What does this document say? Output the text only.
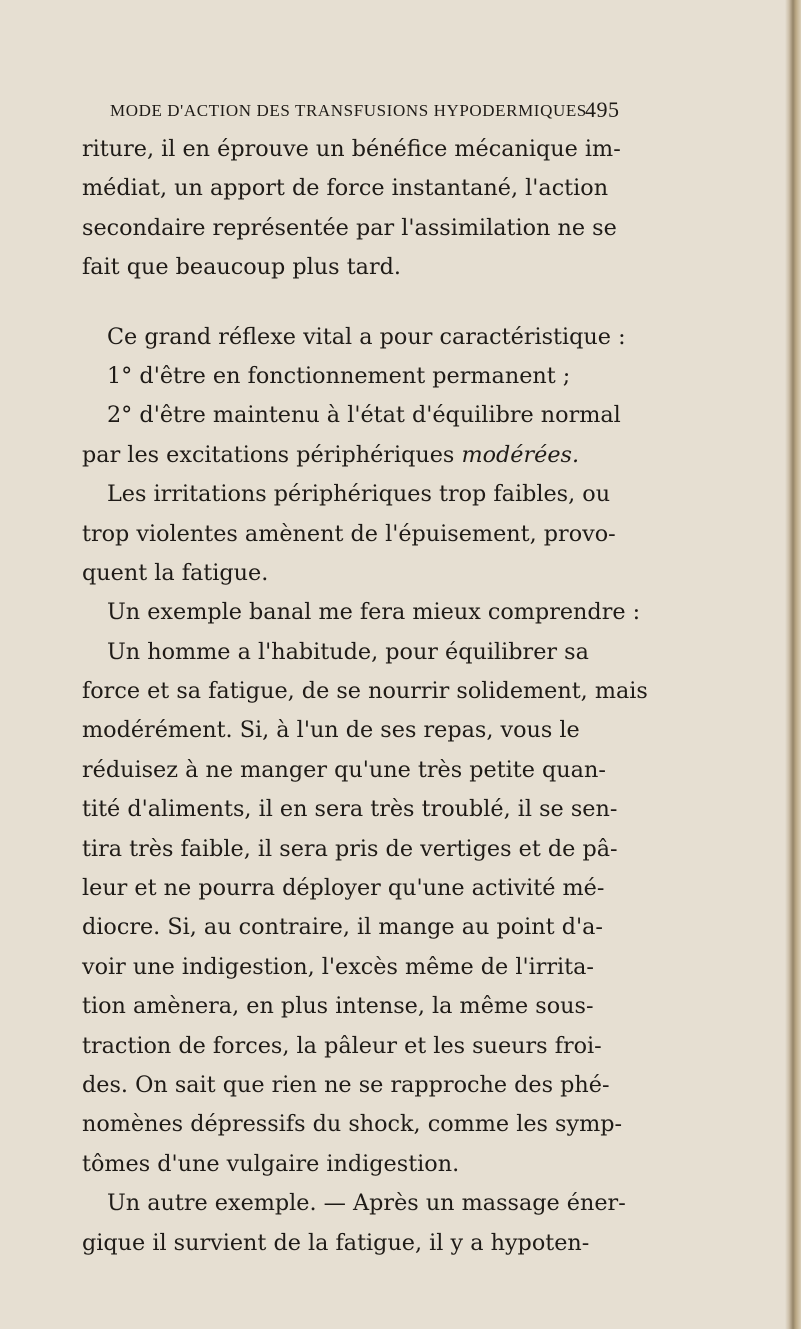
MODE D'ACTION DES TRANSFUSIONS HYPODERMIQUES
495
riture, il en éprouve un bénéfice mécanique im-
médiat, un apport de force instantané, l'action
secondaire représentée par l'assimilation ne se
fait que beaucoup plus tard.
Ce grand réflexe vital a pour caractéristique :
1° d'être en fonctionnement permanent ;
2° d'être maintenu à l'état d'équilibre normal
par les excitations périphériques modérées.
Les irritations périphériques trop faibles, ou
trop violentes amènent de l'épuisement, provo-
quent la fatigue.
Un exemple banal me fera mieux comprendre :
Un homme a l'habitude, pour équilibrer sa
force et sa fatigue, de se nourrir solidement, mais
modérément. Si, à l'un de ses repas, vous le
réduisez à ne manger qu'une très petite quan-
tité d'aliments, il en sera très troublé, il se sen-
tira très faible, il sera pris de vertiges et de pâ-
leur et ne pourra déployer qu'une activité mé-
diocre. Si, au contraire, il mange au point d'a-
voir une indigestion, l'excès même de l'irrita-
tion amènera, en plus intense, la même sous-
traction de forces, la pâleur et les sueurs froi-
des. On sait que rien ne se rapproche des phé-
nomènes dépressifs du shock, comme les symp-
tômes d'une vulgaire indigestion.
Un autre exemple. — Après un massage éner-
gique il survient de la fatigue, il y a hypoten-
